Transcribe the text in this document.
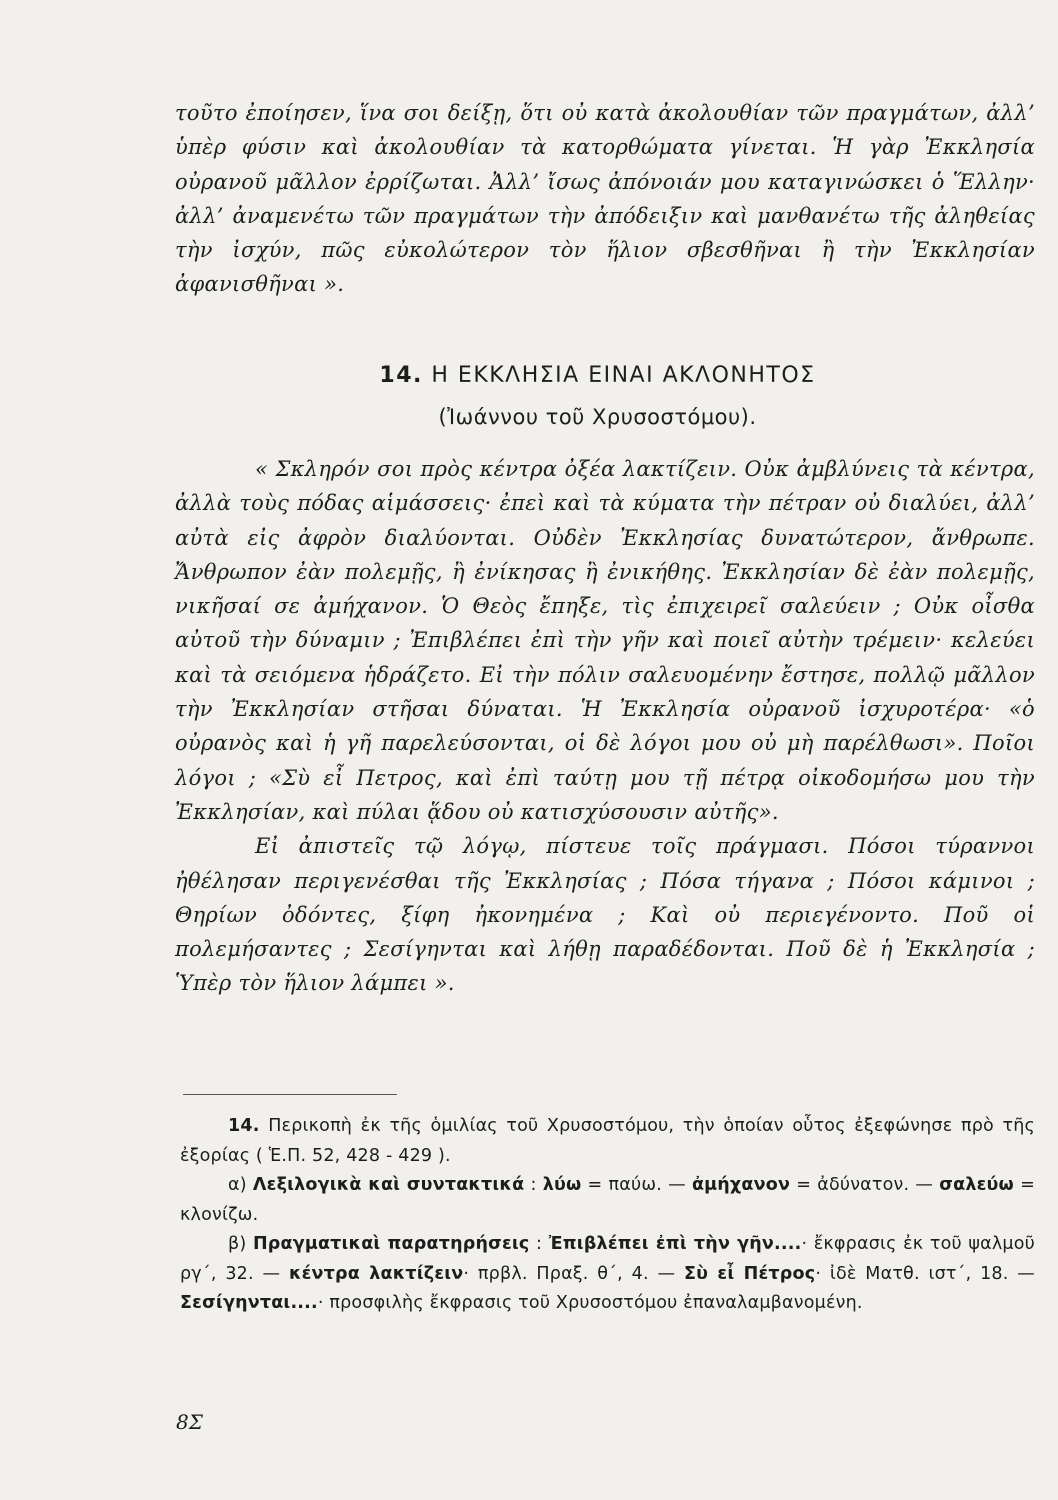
τοῦτο ἐποίησεν, ἵνα σοι δείξῃ, ὅτι οὐ κατὰ ἀκολουθίαν τῶν πραγμάτων, ἀλλ’ ὑπὲρ φύσιν καὶ ἀκολουθίαν τὰ κατορθώματα γίνεται. Ἡ γὰρ Ἐκκλησία οὐρανοῦ μᾶλλον ἐρρίζωται. Ἀλλ’ ἴσως ἀπόνοιάν μου καταγινώσκει ὁ Ἕλλην· ἀλλ’ ἀναμενέτω τῶν πραγμάτων τὴν ἀπόδειξιν καὶ μανθανέτω τῆς ἀληθείας τὴν ἰσχύν, πῶς εὐκολώτερον τὸν ἥλιον σβεσθῆναι ἢ τὴν Ἐκκλησίαν ἀφανισθῆναι ».

14. Η ΕΚΚΛΗΣΙΑ ΕΙΝΑΙ ΑΚΛΟΝΗΤΟΣ
(Ἰωάννου τοῦ Χρυσοστόμου).

« Σκληρόν σοι πρὸς κέντρα ὀξέα λακτίζειν. Οὐκ ἀμβλύνεις τὰ κέντρα, ἀλλὰ τοὺς πόδας αἱμάσσεις· ἐπεὶ καὶ τὰ κύματα τὴν πέτραν οὐ διαλύει, ἀλλ’ αὐτὰ εἰς ἀφρὸν διαλύονται. Οὐδὲν Ἐκκλησίας δυνατώτερον, ἄνθρωπε. Ἄνθρωπον ἐὰν πολεμῇς, ἢ ἐνίκησας ἢ ἐνικήθης. Ἐκκλησίαν δὲ ἐὰν πολεμῇς, νικῆσαί σε ἀμήχανον. Ὁ Θεὸς ἔπηξε, τὶς ἐπιχειρεῖ σαλεύειν ; Οὐκ οἶσθα αὐτοῦ τὴν δύναμιν ; Ἐπιβλέπει ἐπὶ τὴν γῆν καὶ ποιεῖ αὐτὴν τρέμειν· κελεύει καὶ τὰ σειόμενα ἡδράζετο. Εἰ τὴν πόλιν σαλευομένην ἔστησε, πολλῷ μᾶλλον τὴν Ἐκκλησίαν στῆσαι δύναται. Ἡ Ἐκκλησία οὐρανοῦ ἰσχυροτέρα· «ὁ οὐρανὸς καὶ ἡ γῆ παρελεύσονται, οἱ δὲ λόγοι μου οὐ μὴ παρέλθωσι». Ποῖοι λόγοι ; «Σὺ εἶ Πετρος, καὶ ἐπὶ ταύτῃ μου τῇ πέτρᾳ οἰκοδομήσω μου τὴν Ἐκκλησίαν, καὶ πύλαι ᾅδου οὐ κατισχύσουσιν αὐτῆς».

Εἰ ἀπιστεῖς τῷ λόγῳ, πίστευε τοῖς πράγμασι. Πόσοι τύραννοι ἠθέλησαν περιγενέσθαι τῆς Ἐκκλησίας ; Πόσα τήγανα ; Πόσοι κάμινοι ; Θηρίων ὀδόντες, ξίφη ἠκονημένα ; Καὶ οὐ περιεγένοντο. Ποῦ οἱ πολεμήσαντες ; Σεσίγηνται καὶ λήθῃ παραδέδονται. Ποῦ δὲ ἡ Ἐκκλησία ; Ὑπὲρ τὸν ἥλιον λάμπει ».

14. Περικοπὴ ἐκ τῆς ὁμιλίας τοῦ Χρυσοστόμου, τὴν ὁποίαν οὗτος ἐξεφώνησε πρὸ τῆς ἐξορίας ( Ἑ.Π. 52, 428 - 429 ).

α) Λεξιλογικὰ καὶ συντακτικά : λύω = παύω. — ἀμήχανον = ἀδύνατον. — σαλεύω = κλονίζω.

β) Πραγματικαὶ παρατηρήσεις : Ἐπιβλέπει ἐπὶ τὴν γῆν....· ἔκφρασις ἐκ τοῦ ψαλμοῦ ργ΄, 32. — κέντρα λακτίζειν· πρβλ. Πραξ. θ΄, 4. — Σὺ εἶ Πέτρος· ἰδὲ Ματθ. ιστ΄, 18. — Σεσίγηνται....· προσφιλὴς ἔκφρασις τοῦ Χρυσοστόμου ἐπαναλαμβανομένη.

8Σ
